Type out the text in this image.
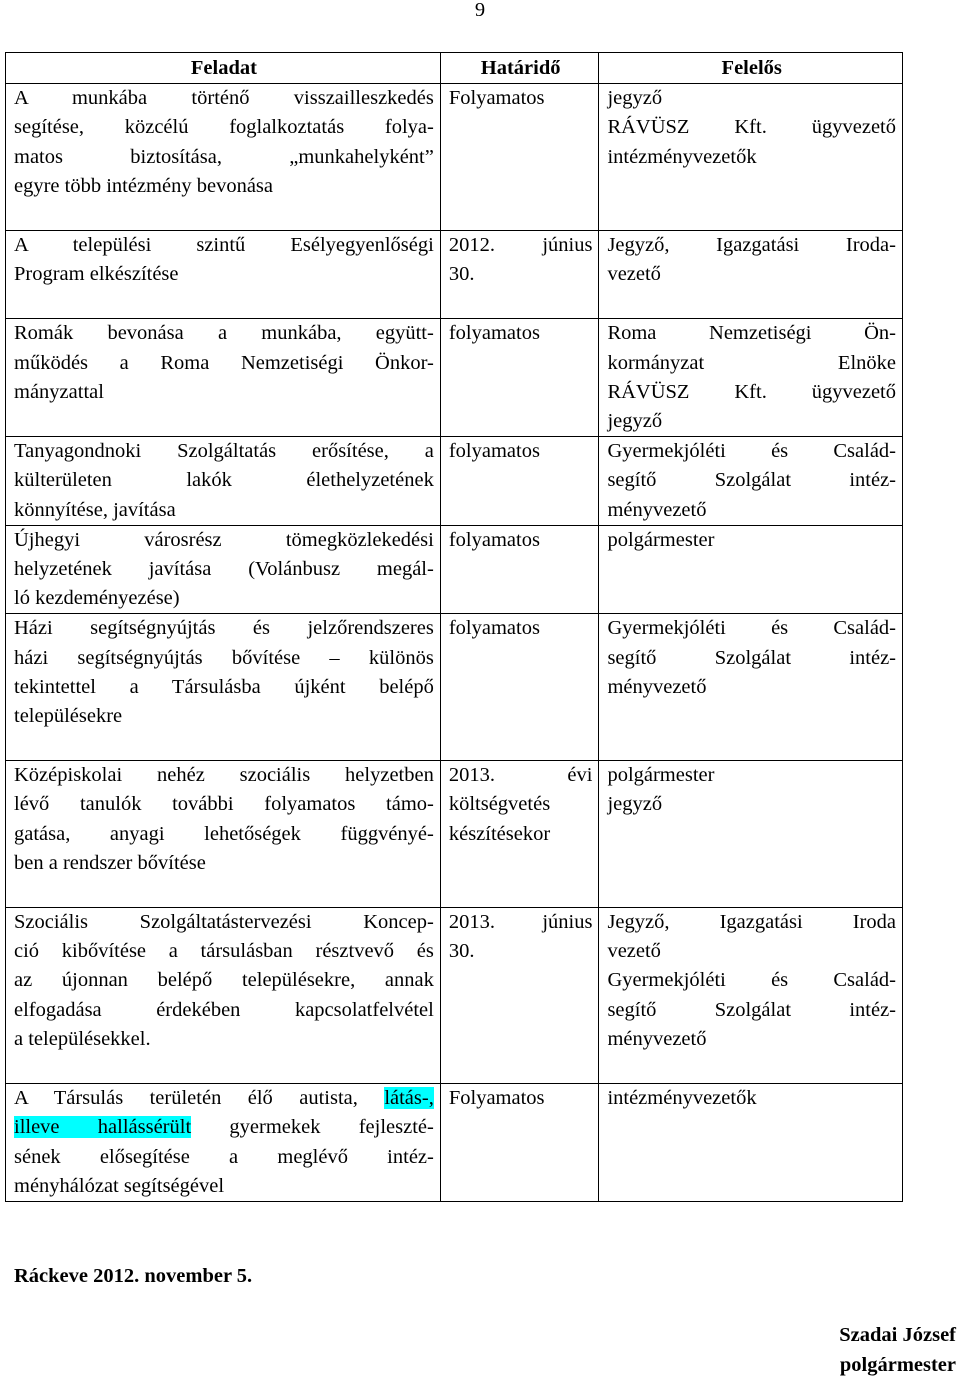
9
Feladat	Határidő	Felelős

A munkába történő visszailleszkedés
segítése, közcélú foglalkoztatás folya-
matos biztosítása, „munkahelyként”
egyre több intézmény bevonása	Folyamatos	jegyző
RÁVÜSZ Kft. ügyvezető
intézményvezetők

A települési szintű Esélyegyenlőségi
Program elkészítése	2012. június
30.	Jegyző, Igazgatási Iroda-
vezető

Romák bevonása a munkába, együtt-
működés a Roma Nemzetiségi Önkor-
mányzattal	folyamatos	Roma Nemzetiségi Ön-
kormányzat Elnöke
RÁVÜSZ Kft. ügyvezető
jegyző

Tanyagondnoki Szolgáltatás erősítése, a
külterületen lakók élethelyzetének
könnyítése, javítása	folyamatos	Gyermekjóléti és Család-
segítő Szolgálat intéz-
ményvezető

Újhegyi városrész tömegközlekedési
helyzetének javítása (Volánbusz megál-
ló kezdeményezése)	folyamatos	polgármester

Házi segítségnyújtás és jelzőrendszeres
házi segítségnyújtás bővítése – különös
tekintettel a Társulásba újként belépő
településekre	folyamatos	Gyermekjóléti és Család-
segítő Szolgálat intéz-
ményvezető

Középiskolai nehéz szociális helyzetben
lévő tanulók további folyamatos támo-
gatása, anyagi lehetőségek függvényé-
ben a rendszer bővítése	2013. évi
költségvetés
készítésekor	polgármester
jegyző

Szociális Szolgáltatástervezési Koncep-
ció kibővítése a társulásban résztvevő és
az újonnan belépő településekre, annak
elfogadása érdekében kapcsolatfelvétel
a településekkel.	2013. június
30.	Jegyző, Igazgatási Iroda
vezető
Gyermekjóléti és Család-
segítő Szolgálat intéz-
ményvezető

A Társulás területén élő autista, látás-,
illeve hallássérült gyermekek fejleszté-
sének elősegítése a meglévő intéz-
ményhálózat segítségével	Folyamatos	intézményvezetők
Ráckeve 2012. november 5.
Szadai József
polgármester
